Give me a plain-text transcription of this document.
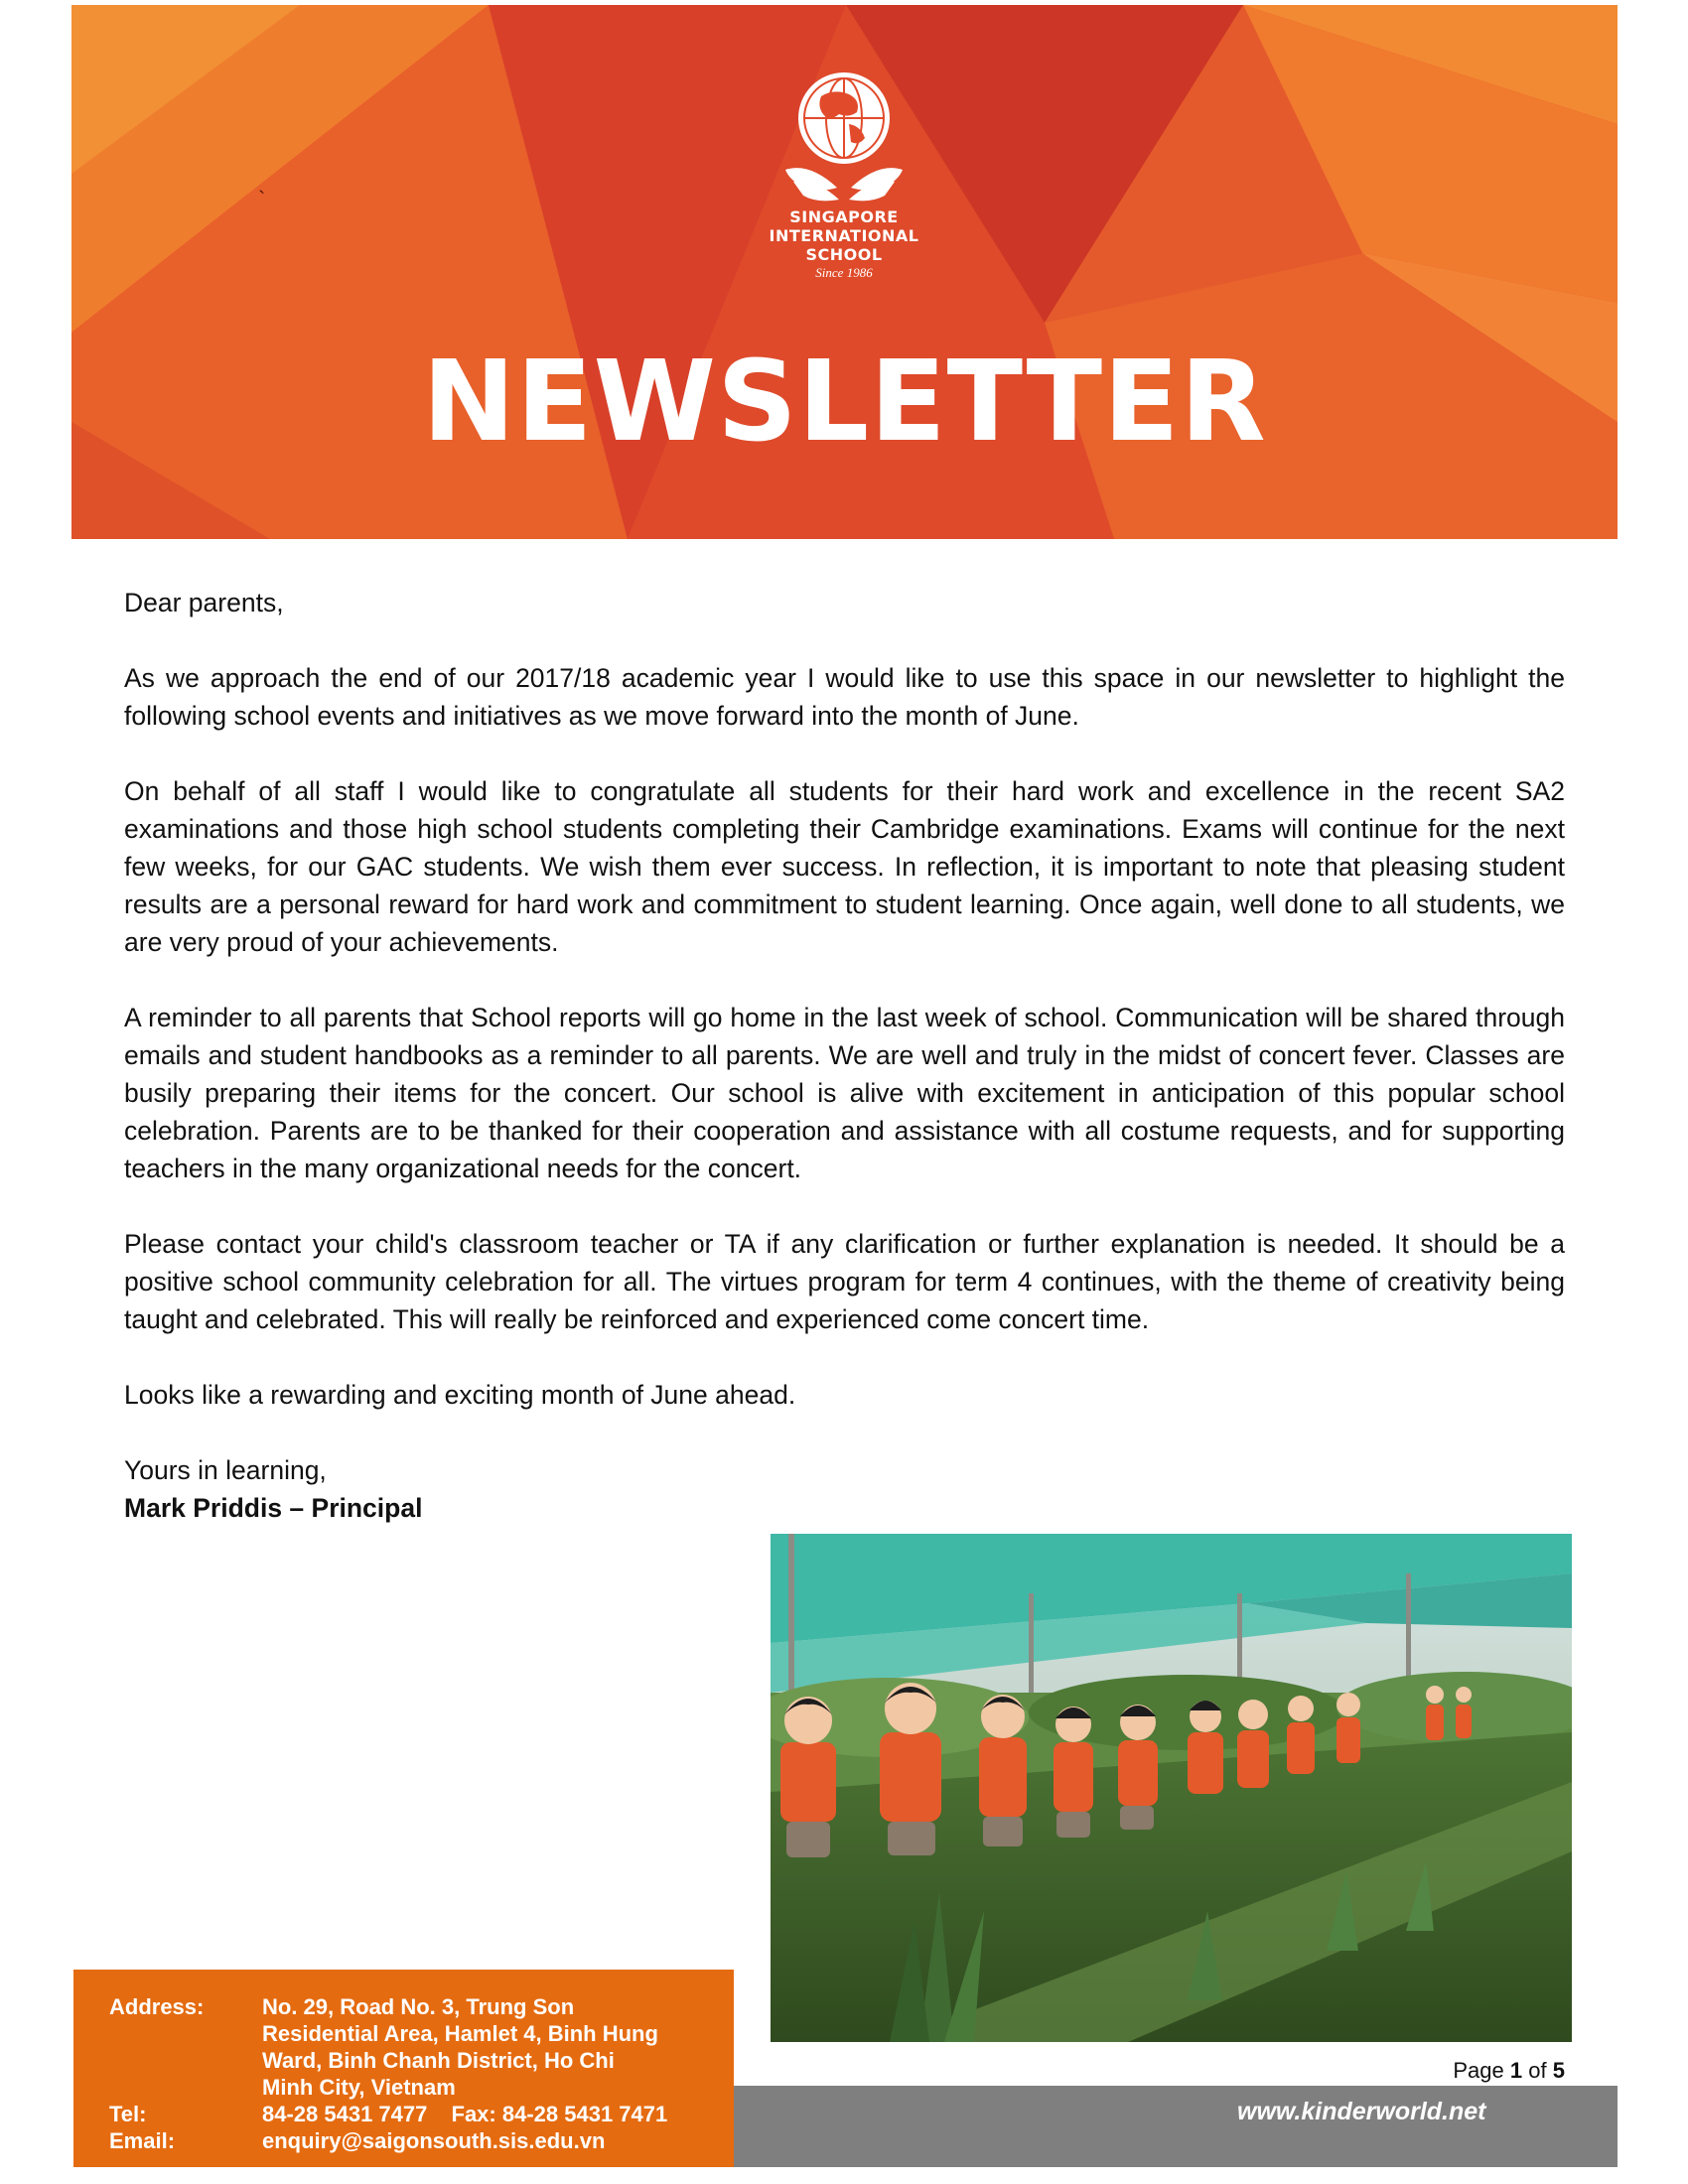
`
SINGAPORE
INTERNATIONAL
SCHOOL
Since 1986
NEWSLETTER

Dear parents,

As we approach the end of our 2017/18 academic year I would like to use this space in our newsletter to highlight the following school events and initiatives as we move forward into the month of June.

On behalf of all staff I would like to congratulate all students for their hard work and excellence in the recent SA2 examinations and those high school students completing their Cambridge examinations. Exams will continue for the next few weeks, for our GAC students. We wish them ever success. In reflection, it is important to note that pleasing student results are a personal reward for hard work and commitment to student learning. Once again, well done to all students, we are very proud of your achievements.

A reminder to all parents that School reports will go home in the last week of school. Communication will be shared through emails and student handbooks as a reminder to all parents. We are well and truly in the midst of concert fever. Classes are busily preparing their items for the concert. Our school is alive with excitement in anticipation of this popular school celebration. Parents are to be thanked for their cooperation and assistance with all costume requests, and for supporting teachers in the many organizational needs for the concert.

Please contact your child's classroom teacher or TA if any clarification or further explanation is needed. It should be a positive school community celebration for all. The virtues program for term 4 continues, with the theme of creativity being taught and celebrated. This will really be reinforced and experienced come concert time.

Looks like a rewarding and exciting month of June ahead.

Yours in learning,
Mark Priddis – Principal

Page 1 of 5
www.kinderworld.net
Address:	No. 29, Road No. 3, Trung Son
Residential Area, Hamlet 4, Binh Hung
Ward, Binh Chanh District, Ho Chi
Minh City, Vietnam
Tel:	84-28 5431 7477 Fax: 84-28 5431 7471
Email:	enquiry@saigonsouth.sis.edu.vn
